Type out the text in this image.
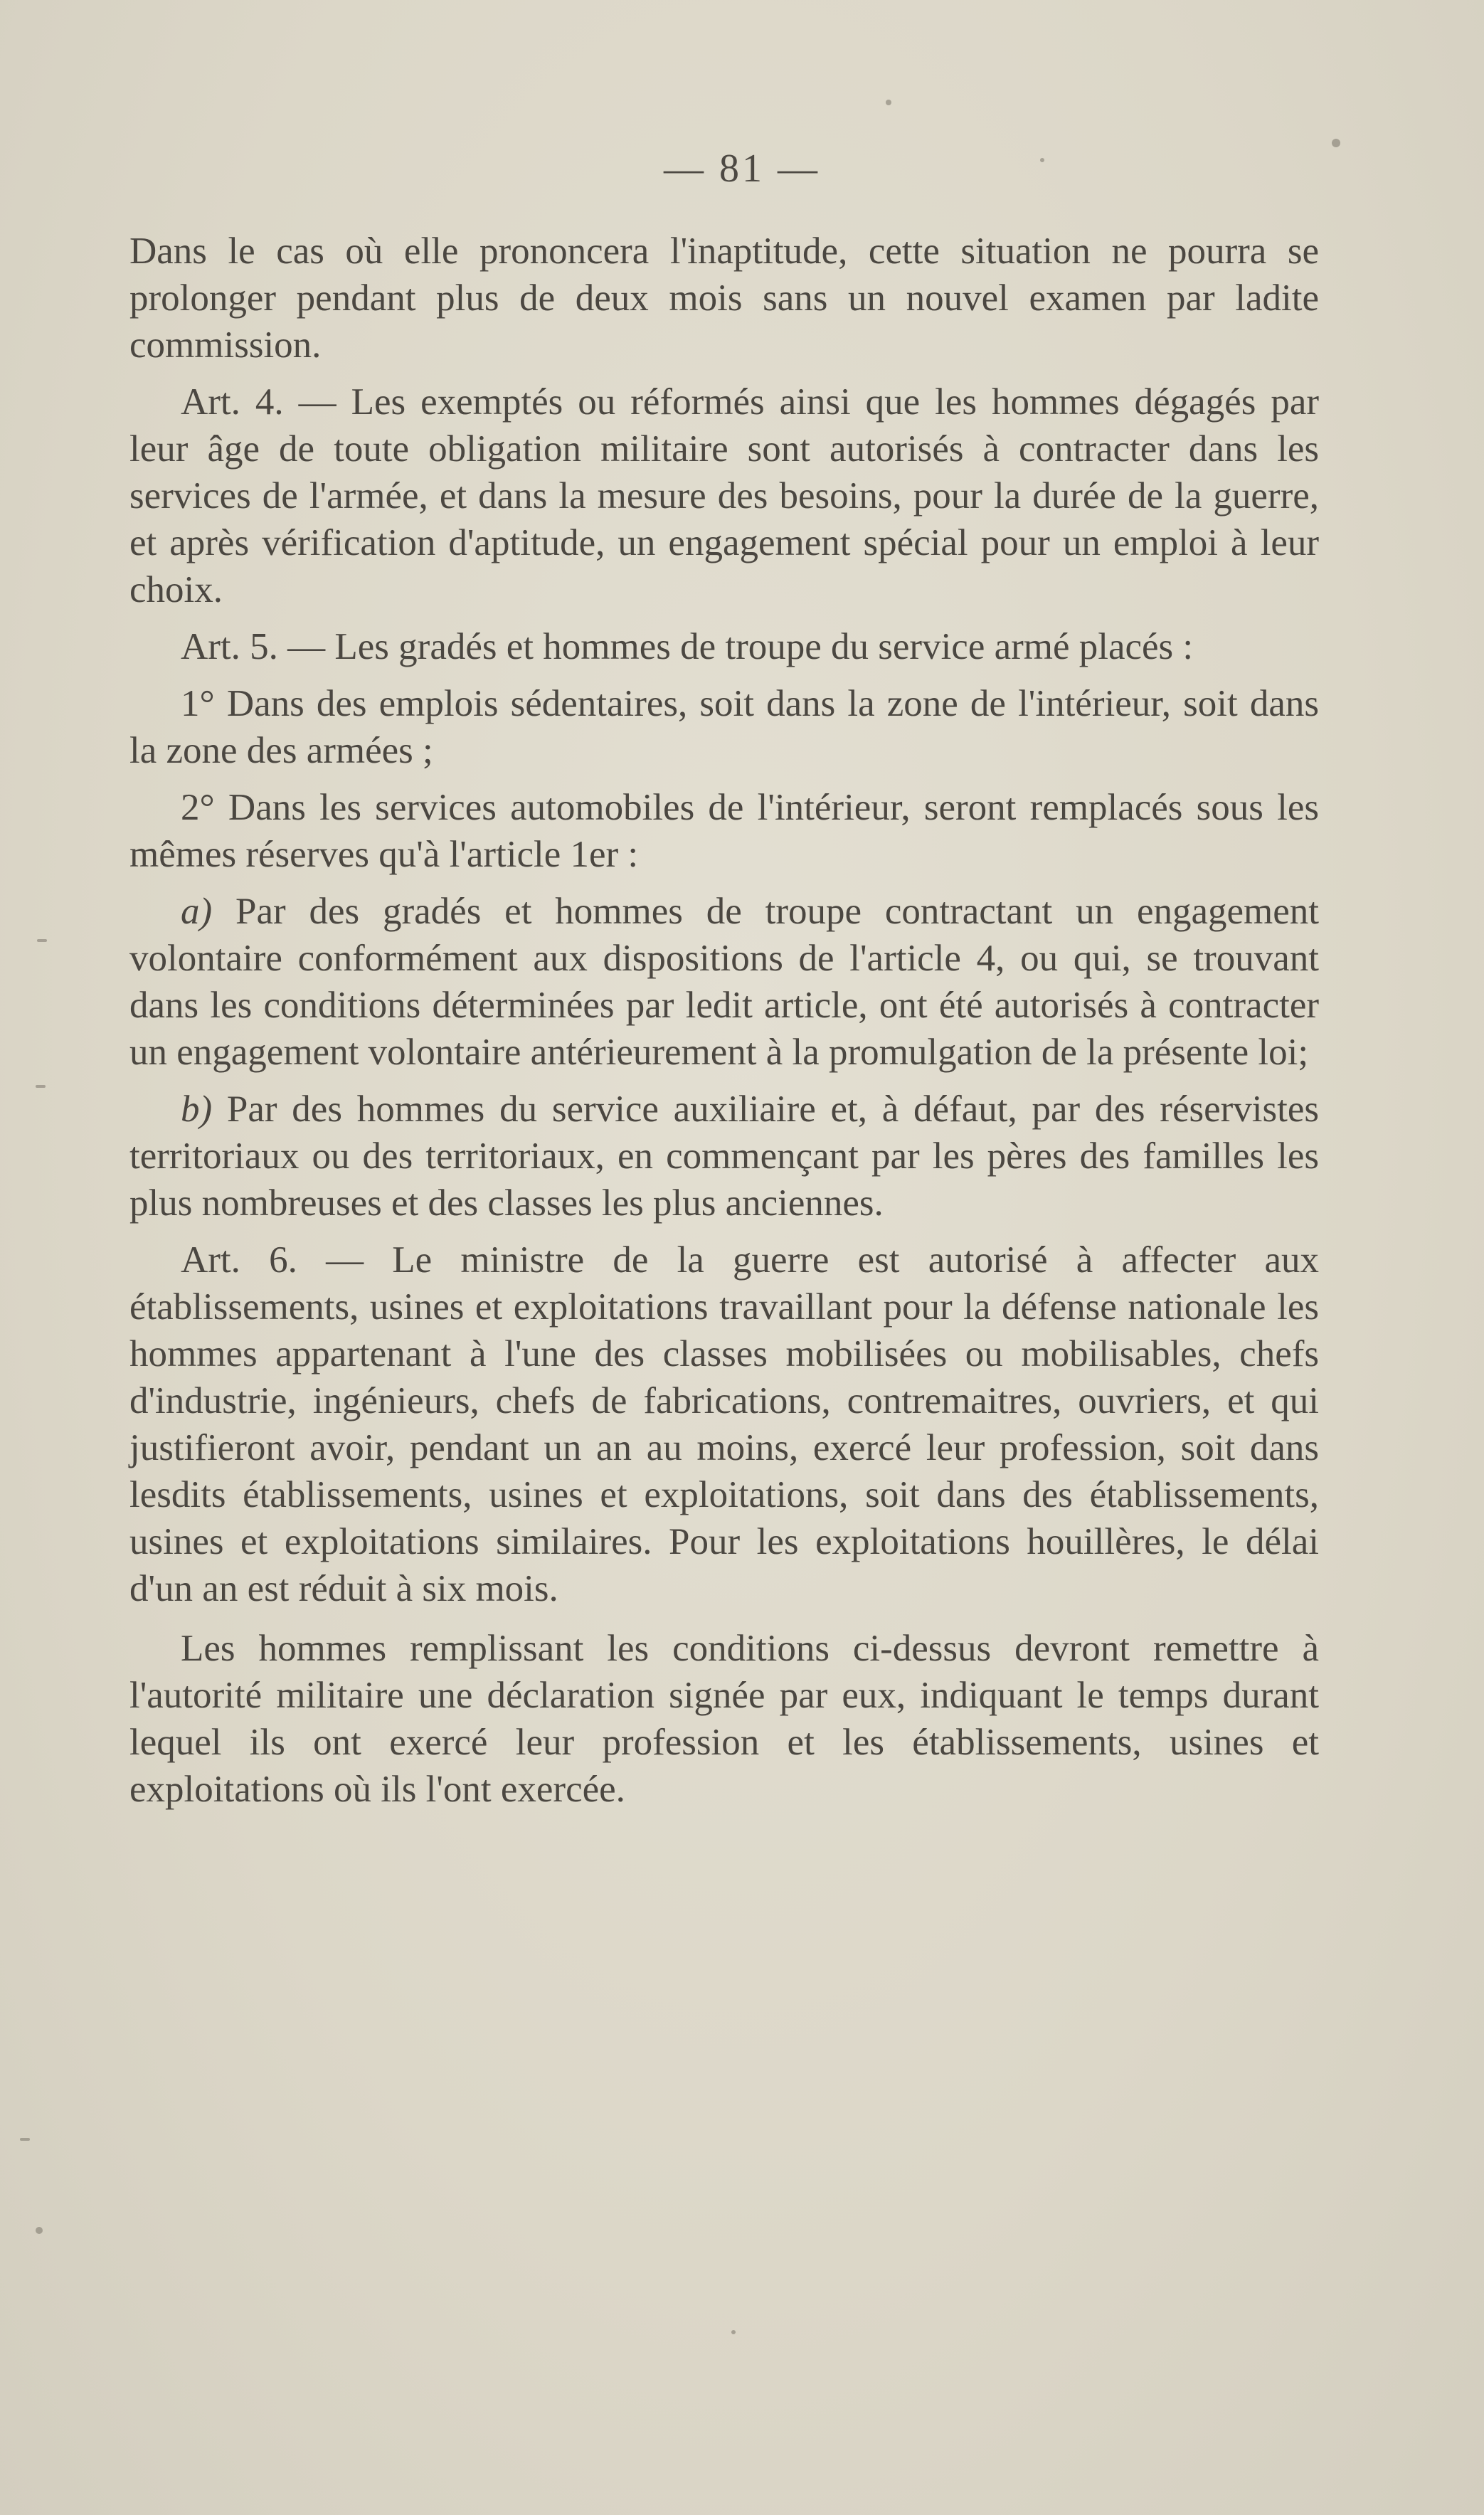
— 81 —

Dans le cas où elle prononcera l'inaptitude, cette situation ne pourra se prolonger pendant plus de deux mois sans un nouvel examen par ladite commission.

Art. 4. — Les exemptés ou réformés ainsi que les hommes dégagés par leur âge de toute obligation militaire sont autorisés à contracter dans les services de l'armée, et dans la mesure des besoins, pour la durée de la guerre, et après vérification d'aptitude, un engagement spécial pour un emploi à leur choix.

Art. 5. — Les gradés et hommes de troupe du service armé placés :

1° Dans des emplois sédentaires, soit dans la zone de l'intérieur, soit dans la zone des armées ;

2° Dans les services automobiles de l'intérieur, seront remplacés sous les mêmes réserves qu'à l'article 1er :

a) Par des gradés et hommes de troupe contractant un engagement volontaire conformément aux dispositions de l'article 4, ou qui, se trouvant dans les conditions déterminées par ledit article, ont été autorisés à contracter un engagement volontaire antérieurement à la promulgation de la présente loi;

b) Par des hommes du service auxiliaire et, à défaut, par des réservistes territoriaux ou des territoriaux, en commençant par les pères des familles les plus nombreuses et des classes les plus anciennes.

Art. 6. — Le ministre de la guerre est autorisé à affecter aux établissements, usines et exploitations travaillant pour la défense nationale les hommes appartenant à l'une des classes mobilisées ou mobilisables, chefs d'industrie, ingénieurs, chefs de fabrications, contremaitres, ouvriers, et qui justifieront avoir, pendant un an au moins, exercé leur profession, soit dans lesdits établissements, usines et exploitations, soit dans des établissements, usines et exploitations similaires. Pour les exploitations houillères, le délai d'un an est réduit à six mois.

Les hommes remplissant les conditions ci-dessus devront remettre à l'autorité militaire une déclaration signée par eux, indiquant le temps durant lequel ils ont exercé leur profession et les établissements, usines et exploitations où ils l'ont exercée.
